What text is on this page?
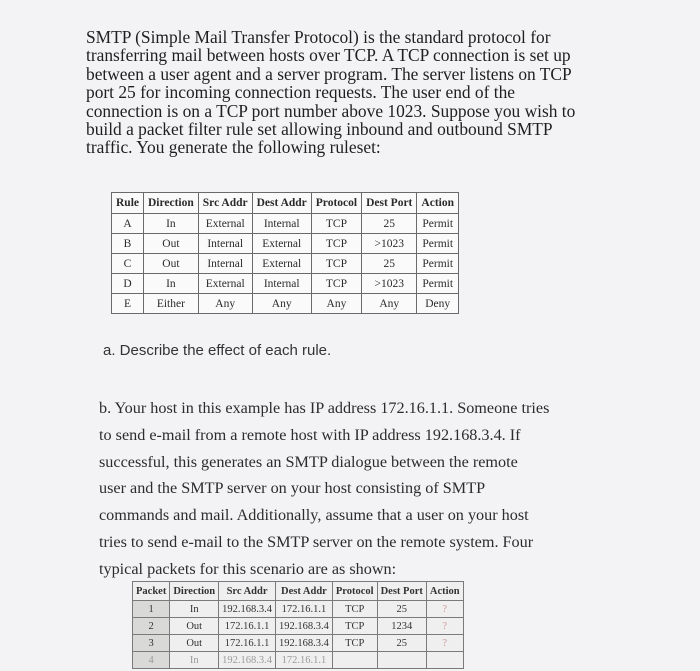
SMTP (Simple Mail Transfer Protocol) is the standard protocol for

transferring mail between hosts over TCP. A TCP connection is set up

between a user agent and a server program. The server listens on TCP

port 25 for incoming connection requests. The user end of the

connection is on a TCP port number above 1023. Suppose you wish to

build a packet filter rule set allowing inbound and outbound SMTP

traffic. You generate the following ruleset:

Rule	Direction	Src Addr	Dest Addr	Protocol	Dest Port	Action
A	In	External	Internal	TCP	25	Permit
B	Out	Internal	External	TCP	>1023	Permit
C	Out	Internal	External	TCP	25	Permit
D	In	External	Internal	TCP	>1023	Permit
E	Either	Any	Any	Any	Any	Deny
a. Describe the effect of each rule.

b. Your host in this example has IP address 172.16.1.1. Someone tries

to send e-mail from a remote host with IP address 192.168.3.4. If

successful, this generates an SMTP dialogue between the remote

user and the SMTP server on your host consisting of SMTP

commands and mail. Additionally, assume that a user on your host

tries to send e-mail to the SMTP server on the remote system. Four

typical packets for this scenario are as shown:

Packet	Direction	Src Addr	Dest Addr	Protocol	Dest Port	Action
1	In	192.168.3.4	172.16.1.1	TCP	25	?
2	Out	172.16.1.1	192.168.3.4	TCP	1234	?
3	Out	172.16.1.1	192.168.3.4	TCP	25	?
4	In	192.168.3.4	172.16.1.1			
